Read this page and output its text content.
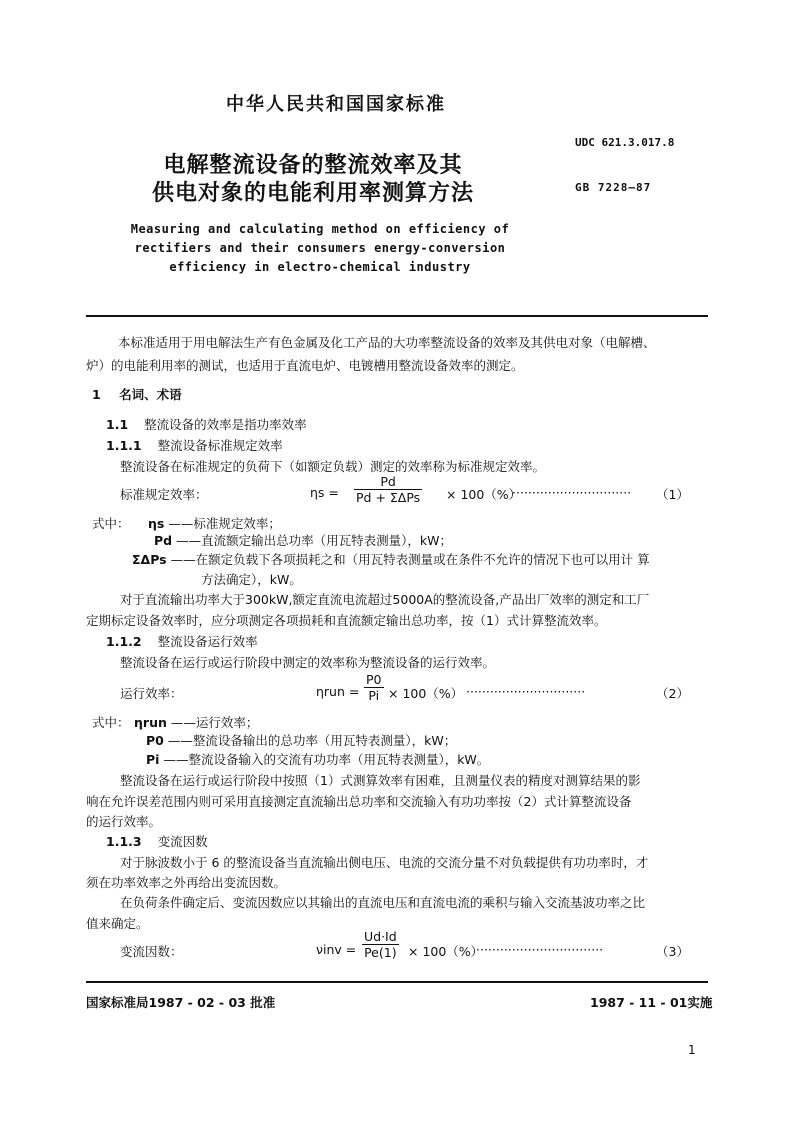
中华人民共和国国家标准
电解整流设备的整流效率及其
供电对象的电能利用率测算方法
UDC 621.3.017.8
GB 7228—87
Measuring and calculating method on efficiency of
rectifiers and their consumers energy-conversion
efficiency in electro-chemical industry
本标准适用于用电解法生产有色金属及化工产品的大功率整流设备的效率及其供电对象（电解槽、
炉）的电能利用率的测试，也适用于直流电炉、电镀槽用整流设备效率的测定。
1 名词、术语
1.1 整流设备的效率是指功率效率
1.1.1 整流设备标准规定效率
整流设备在标准规定的负荷下（如额定负载）测定的效率称为标准规定效率。
标准规定效率：	ηs =
Pd
Pd + ΣΔPs × 100（%）
······························ （1）
式中： ηs ——标准规定效率；
Pd ——直流额定输出总功率（用瓦特表测量），kW；
ΣΔPs ——在额定负载下各项损耗之和（用瓦特表测量或在条件不允许的情况下也可以用计 算
方法确定），kW。
对于直流输出功率大于300kW,额定直流电流超过5000A的整流设备,产品出厂效率的测定和工厂
定期标定设备效率时，应分项测定各项损耗和直流额定输出总功率，按（1）式计算整流效率。
1.1.2 整流设备运行效率
整流设备在运行或运行阶段中测定的效率称为整流设备的运行效率。
运行效率：	$\eta run = \frac{P0}{Pi} \times 100(\%)$ ······························	（2）
式中： ηrun ——运行效率；
P0 ——整流设备输出的总功率（用瓦特表测量），kW；
Pi ——整流设备输入的交流有功功率（用瓦特表测量），kW。
整流设备在运行或运行阶段中按照（1）式测算效率有困难，且测量仪表的精度对测算结果的影
响在允许误差范围内则可采用直接测定直流输出总功率和交流输入有功功率按（2）式计算整流设备
的运行效率。
1.1.3 变流因数
对于脉波数小于 6 的整流设备当直流输出侧电压、电流的交流分量不对负载提供有功功率时，才
须在功率效率之外再给出变流因数。
在负荷条件确定后、变流因数应以其输出的直流电压和直流电流的乘积与输入交流基波功率之比
值来确定。
变流因数：	$\nu inv = \frac{Ud\cdot Id}{Pe(1)} \times 100(\%)$
································	（3）
国家标准局1987 - 02 - 03 批准	1987 - 11 - 01实施
1
